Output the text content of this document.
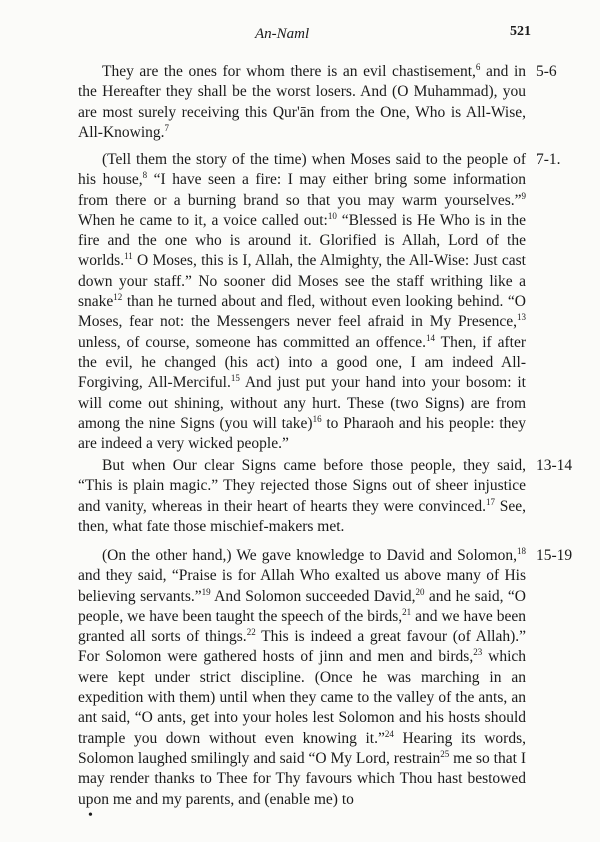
An-Naml	521

They are the ones for whom there is an evil chastisement,$^6$ and in the Hereafter they shall be the worst losers. And (O Muhammad), you are most surely receiving this Qur'ān from the One, Who is All-Wise, All-Knowing.$^7$

5-6

(Tell them the story of the time) when Moses said to the people of his house,$^8$ “I have seen a fire: I may either bring some information from there or a burning brand so that you may warm yourselves.”$^9$ When he came to it, a voice called out:$^{10}$ “Blessed is He Who is in the fire and the one who is around it. Glorified is Allah, Lord of the worlds.$^{11}$ O Moses, this is I, Allah, the Almighty, the All-Wise: Just cast down your staff.” No sooner did Moses see the staff writhing like a snake$^{12}$ than he turned about and fled, without even looking behind. “O Moses, fear not: the Messengers never feel afraid in My Presence,$^{13}$ unless, of course, someone has committed an offence.$^{14}$ Then, if after the evil, he changed (his act) into a good one, I am indeed All-Forgiving, All-Merciful.$^{15}$ And just put your hand into your bosom: it will come out shining, without any hurt. These (two Signs) are from among the nine Signs (you will take)$^{16}$ to Pharaoh and his people: they are indeed a very wicked people.”

7-1.

But when Our clear Signs came before those people, they said, “This is plain magic.” They rejected those Signs out of sheer injustice and vanity, whereas in their heart of hearts they were convinced.$^{17}$ See, then, what fate those mischief-makers met.

13-14

(On the other hand,) We gave knowledge to David and Solomon,$^{18}$ and they said, “Praise is for Allah Who exalted us above many of His believing servants.”$^{19}$ And Solomon succeeded David,$^{20}$ and he said, “O people, we have been taught the speech of the birds,$^{21}$ and we have been granted all sorts of things.$^{22}$ This is indeed a great favour (of Allah).” For Solomon were gathered hosts of jinn and men and birds,$^{23}$ which were kept under strict discipline. (Once he was marching in an expedition with them) until when they came to the valley of the ants, an ant said, “O ants, get into your holes lest Solomon and his hosts should trample you down without even knowing it.”$^{24}$ Hearing its words, Solomon laughed smilingly and said “O My Lord, restrain$^{25}$ me so that I may render thanks to Thee for Thy favours which Thou hast bestowed upon me and my parents, and (enable me) to

15-19
•
